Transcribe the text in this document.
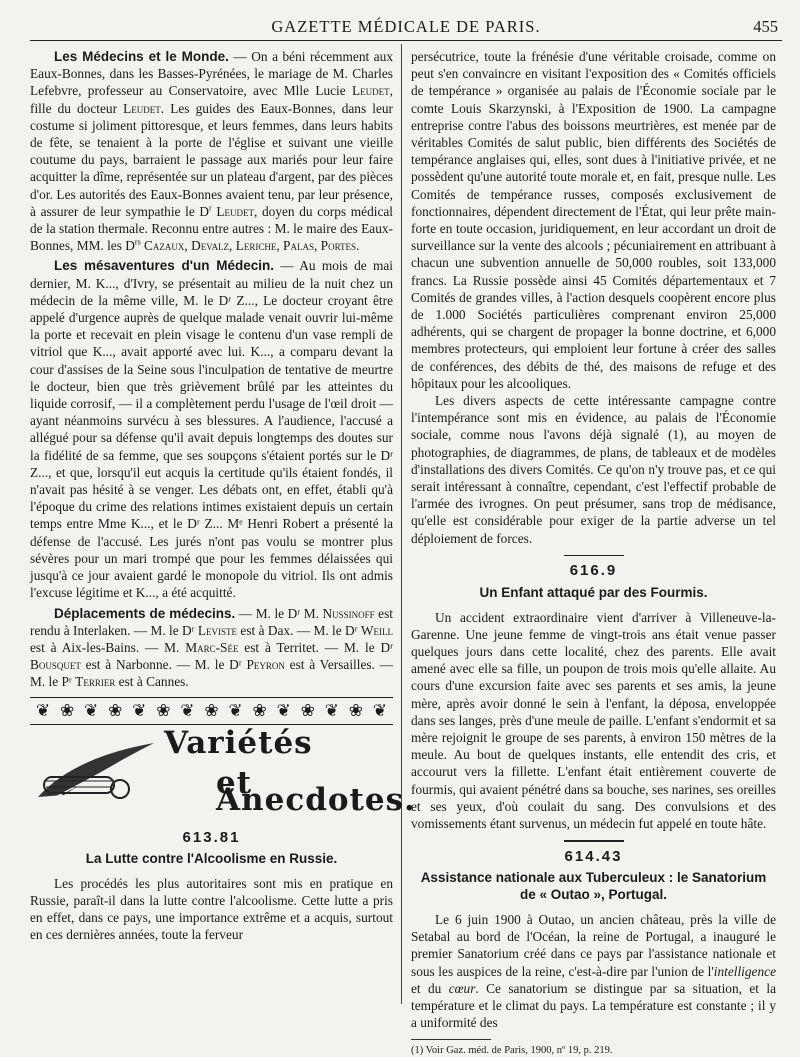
GAZETTE MÉDICALE DE PARIS.	455

Les Médecins et le Monde. — On a béni récemment aux Eaux-Bonnes, dans les Basses-Pyrénées, le mariage de M. Charles Lefebvre, professeur au Conservatoire, avec Mlle Lucie Leudet, fille du docteur Leudet. Les guides des Eaux-Bonnes, dans leur costume si joliment pittoresque, et leurs femmes, dans leurs habits de fête, se tenaient à la porte de l'église et suivant une vieille coutume du pays, barraient le passage aux mariés pour leur faire acquitter la dîme, représentée sur un plateau d'argent, par des pièces d'or. Les autorités des Eaux-Bonnes avaient tenu, par leur présence, à assurer de leur sympathie le $D^r$ Leudet, doyen du corps médical de la station thermale. Reconnu entre autres : M. le maire des Eaux-Bonnes, MM. les $D^{rs}$ Cazaux, Devalz, Leriche, Palas, Portes.

Les mésaventures d'un Médecin. — Au mois de mai dernier, M. K..., d'Ivry, se présentait au milieu de la nuit chez un médecin de la même ville, M. le Dʳ Z..., Le docteur croyant être appelé d'urgence auprès de quelque malade venait ouvrir lui-même la porte et recevait en plein visage le contenu d'un vase rempli de vitriol que K..., avait apporté avec lui. K..., a comparu devant la cour d'assises de la Seine sous l'inculpation de tentative de meurtre le docteur, bien que très grièvement brûlé par les atteintes du liquide corrosif, — il a complètement perdu l'usage de l'œil droit — ayant néanmoins survécu à ses blessures. A l'audience, l'accusé a allégué pour sa défense qu'il avait depuis longtemps des doutes sur la fidélité de sa femme, que ses soupçons s'étaient portés sur le Dʳ Z..., et que, lorsqu'il eut acquis la certitude qu'ils étaient fondés, il n'avait pas hésité à se venger. Les débats ont, en effet, établi qu'à l'époque du crime des relations intimes existaient depuis un certain temps entre Mme K..., et le Dʳ Z... Mᵉ Henri Robert a présenté la défense de l'accusé. Les jurés n'ont pas voulu se montrer plus sévères pour un mari trompé que pour les femmes délaissées qui jusqu'à ce jour avaient gardé le monopole du vitriol. Ils ont admis l'excuse légitime et K..., a été acquitté.

Déplacements de médecins. — M. le Dʳ M. Nussinoff est rendu à Interlaken. — M. le Dʳ Leviste est à Dax. — M. le Dʳ Weill est à Aix-les-Bains. — M. Marc-Sée est à Territet. — M. le Dʳ Bousquet est à Narbonne. — M. le Dʳ Peyron est à Versailles. — M. le Pʳ Terrier est à Cannes.

❦ ❀ ❦ ❀ ❦ ❀ ❦ ❀ ❦ ❀ ❦ ❀ ❦ ❀ ❦
Variétés
et Anecdotes.
613.81
La Lutte contre l'Alcoolisme en Russie.

Les procédés les plus autoritaires sont mis en pratique en Russie, paraît-il dans la lutte contre l'alcoolisme. Cette lutte a pris en effet, dans ce pays, une importance extrême et a acquis, surtout en ces dernières années, toute la ferveur

persécutrice, toute la frénésie d'une véritable croisade, comme on peut s'en convaincre en visitant l'exposition des « Comités officiels de tempérance » organisée au palais de l'Économie sociale par le comte Louis Skarzynski, à l'Exposition de 1900. La campagne entreprise contre l'abus des boissons meurtrières, est menée par de véritables Comités de salut public, bien différents des Sociétés de tempérance anglaises qui, elles, sont dues à l'initiative privée, et ne possèdent qu'une autorité toute morale et, en fait, presque nulle. Les Comités de tempérance russes, composés exclusivement de fonctionnaires, dépendent directement de l'État, qui leur prête main-forte en toute occasion, juridiquement, en leur accordant un droit de surveillance sur la vente des alcools ; pécuniairement en attribuant à chacun une subvention annuelle de 50,000 roubles, soit 133,000 francs. La Russie possède ainsi 45 Comités départementaux et 7 Comités de grandes villes, à l'action desquels coopèrent encore plus de 1.000 Sociétés particulières comprenant environ 25,000 adhérents, qui se chargent de propager la bonne doctrine, et 6,000 membres protecteurs, qui emploient leur fortune à créer des salles de conférences, des débits de thé, des maisons de refuge et des hôpitaux pour les alcooliques.

Les divers aspects de cette intéressante campagne contre l'intempérance sont mis en évidence, au palais de l'Économie sociale, comme nous l'avons déjà signalé (1), au moyen de photographies, de diagrammes, de plans, de tableaux et de modèles d'installations des divers Comités. Ce qu'on n'y trouve pas, et ce qui serait intéressant à connaître, cependant, c'est l'effectif probable de l'armée des ivrognes. On peut présumer, sans trop de médisance, qu'elle est considérable pour exiger de la partie adverse un tel déploiement de forces.

616.9
Un Enfant attaqué par des Fourmis.

Un accident extraordinaire vient d'arriver à Villeneuve-la-Garenne. Une jeune femme de vingt-trois ans était venue passer quelques jours dans cette localité, chez des parents. Elle avait amené avec elle sa fille, un poupon de trois mois qu'elle allaite. Au cours d'une excursion faite avec ses parents et ses amis, la jeune mère, après avoir donné le sein à l'enfant, la déposa, enveloppée dans ses langes, près d'une meule de paille. L'enfant s'endormit et sa mère rejoignit le groupe de ses parents, à environ 150 mètres de la meule. Au bout de quelques instants, elle entendit des cris, et accourut vers la fillette. L'enfant était entièrement couverte de fourmis, qui avaient pénétré dans sa bouche, ses narines, ses oreilles et ses yeux, d'où coulait du sang. Des convulsions et des vomissements étant survenus, un médecin fut appelé en toute hâte.

614.43
Assistance nationale aux Tuberculeux : le Sanatorium de « Outao », Portugal.

Le 6 juin 1900 à Outao, un ancien château, près la ville de Setabal au bord de l'Océan, la reine de Portugal, a inauguré le premier Sanatorium créé dans ce pays par l'assistance nationale et sous les auspices de la reine, c'est-à-dire par l'union de l'intelligence et du cœur. Ce sanatorium se distingue par sa situation, et la température et le climat du pays. La température est constante ; il y a uniformité des

(1) Voir Gaz. méd. de Paris, 1900, nº 19, p. 219.
